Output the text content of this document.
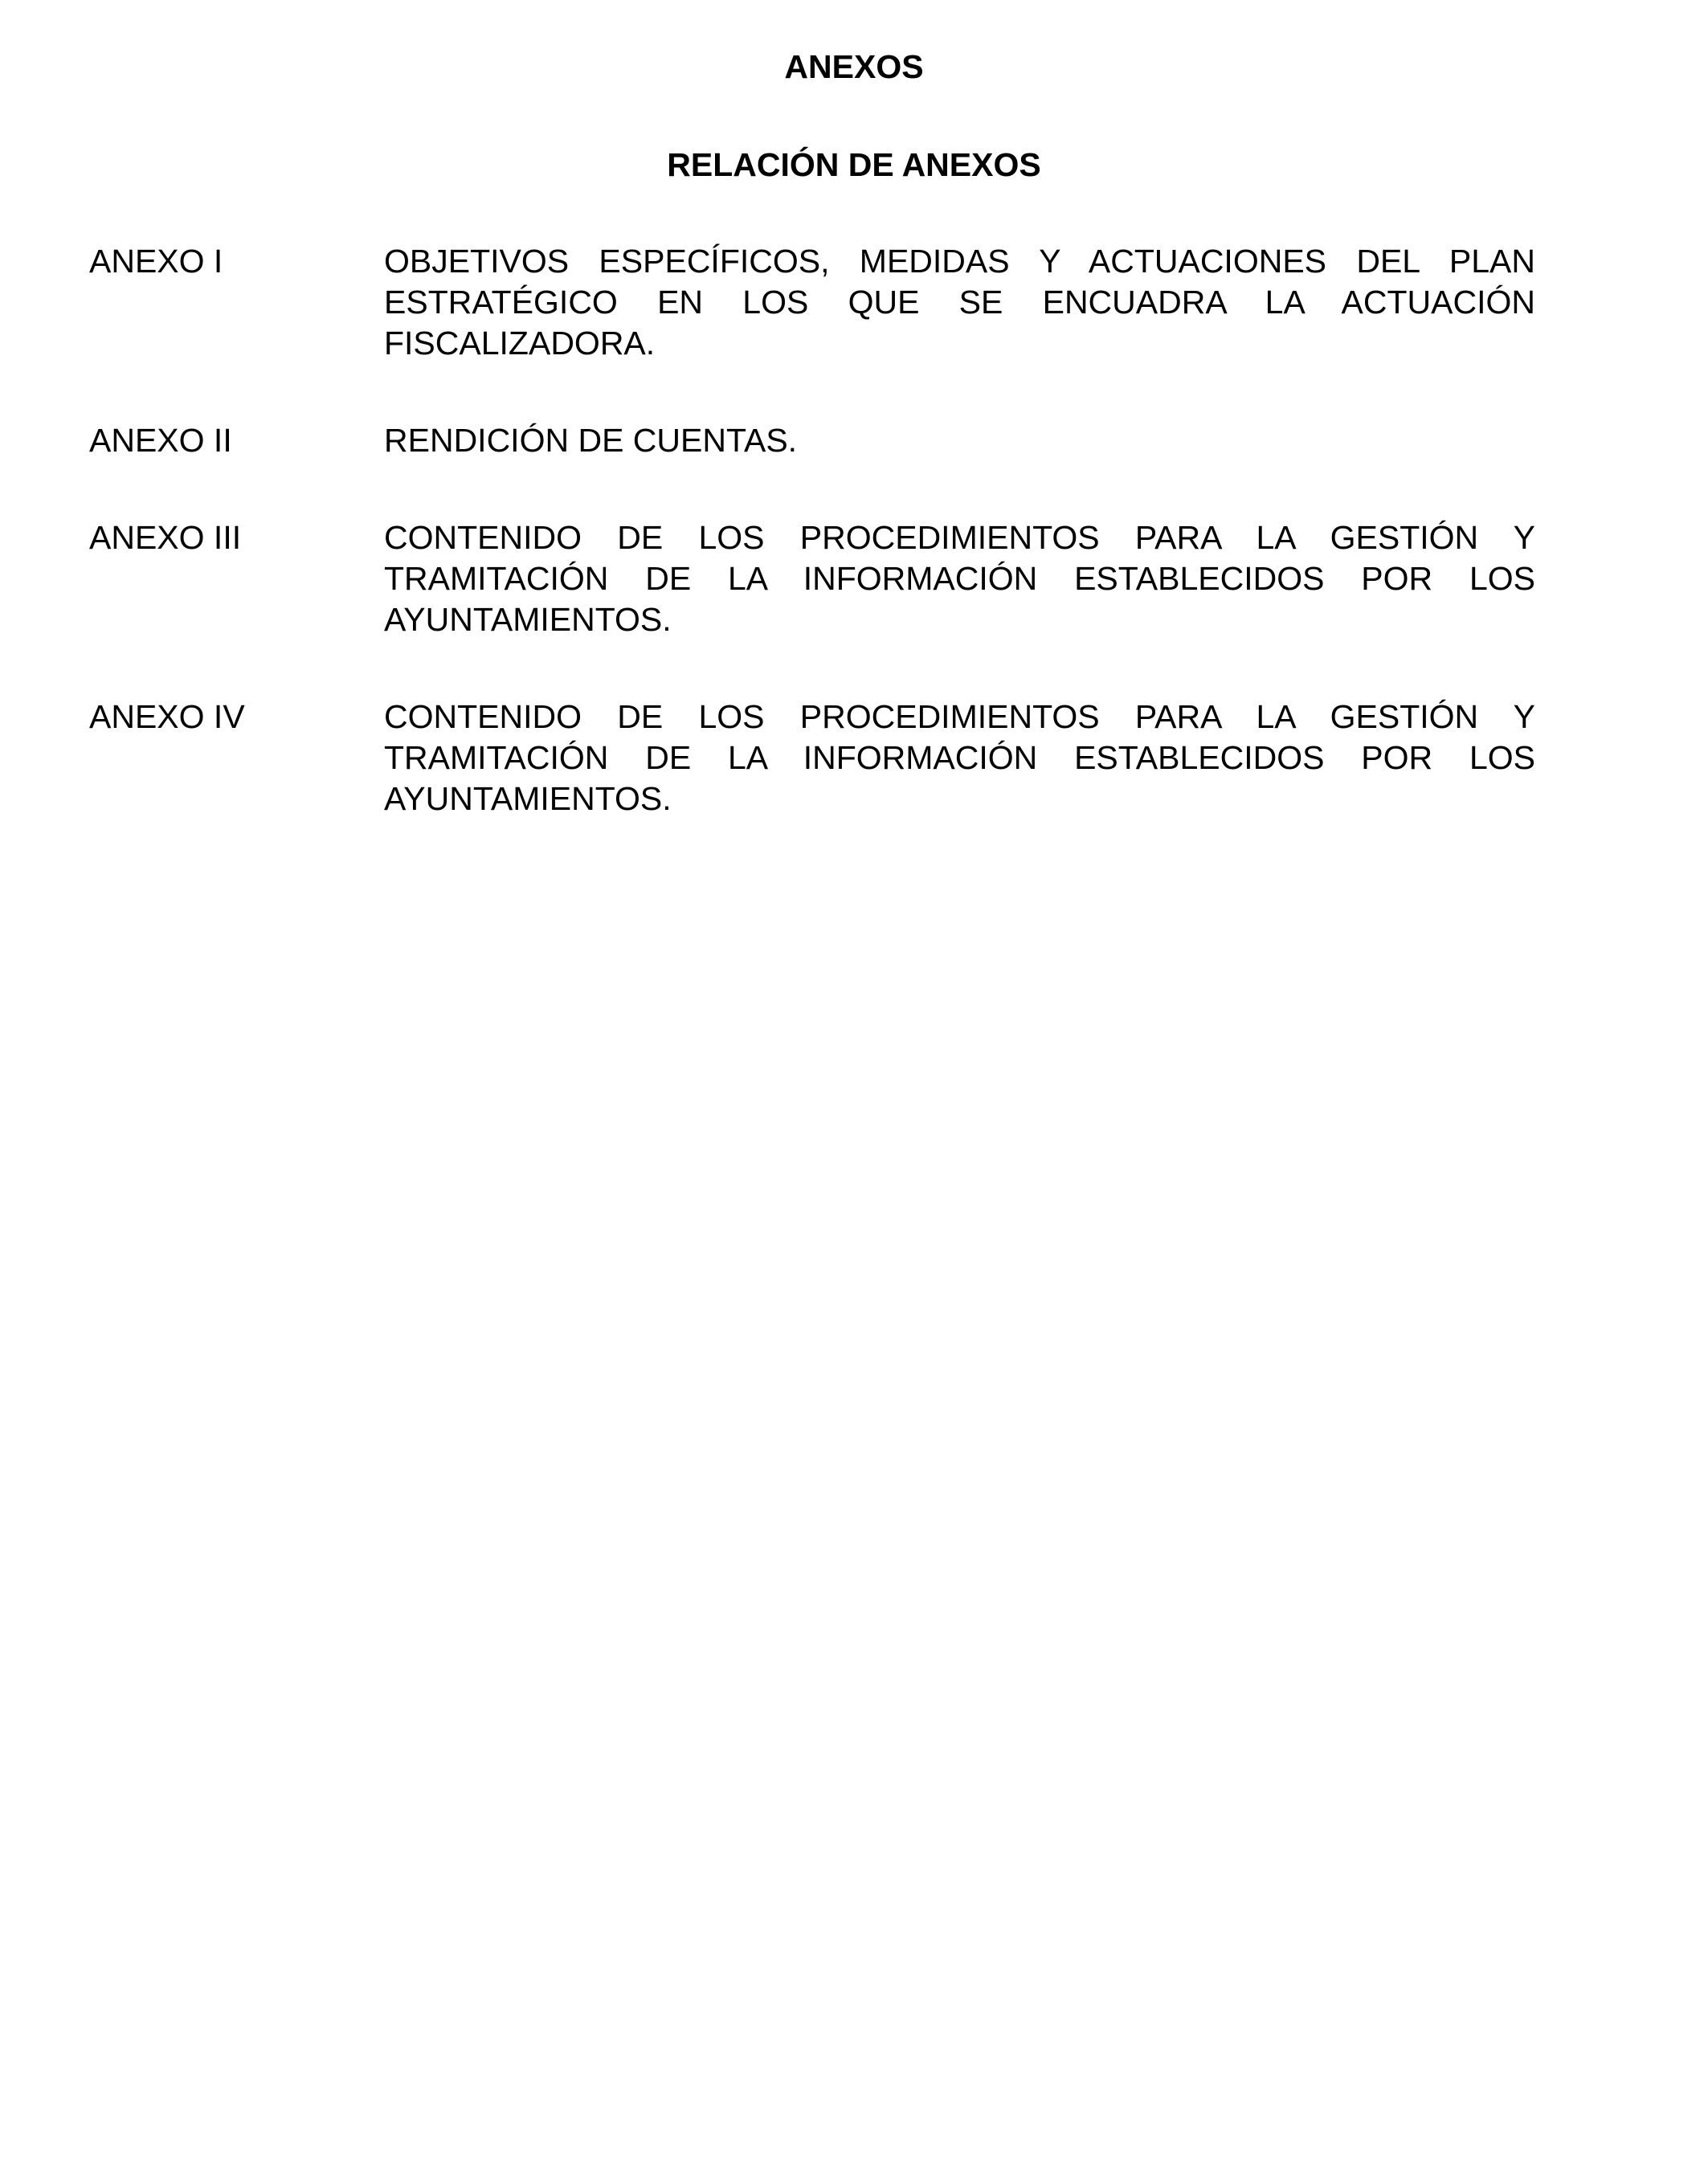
ANEXOS
RELACIÓN DE ANEXOS
ANEXO I	OBJETIVOS ESPECÍFICOS, MEDIDAS Y ACTUACIONES DEL PLAN ESTRATÉGICO EN LOS QUE SE ENCUADRA LA ACTUACIÓN FISCALIZADORA.
ANEXO II	RENDICIÓN DE CUENTAS.
ANEXO III	CONTENIDO DE LOS PROCEDIMIENTOS PARA LA GESTIÓN Y TRAMITACIÓN DE LA INFORMACIÓN ESTABLECIDOS POR LOS AYUNTAMIENTOS.
ANEXO IV	CONTENIDO DE LOS PROCEDIMIENTOS PARA LA GESTIÓN Y TRAMITACIÓN DE LA INFORMACIÓN ESTABLECIDOS POR LOS AYUNTAMIENTOS.
